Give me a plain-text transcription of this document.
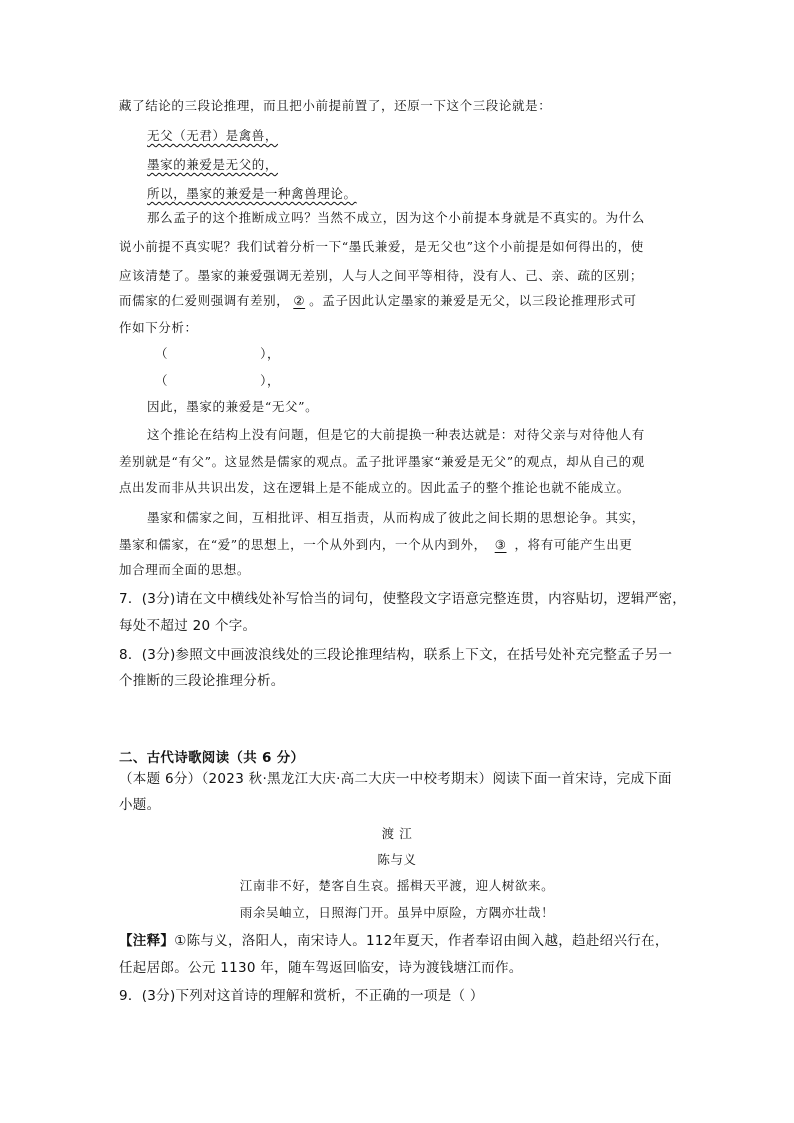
藏了结论的三段论推理，而且把小前提前置了，还原一下这个三段论就是：
无父（无君）是禽兽，
墨家的兼爱是无父的，
所以，墨家的兼爱是一种禽兽理论。
那么孟子的这个推断成立吗？当然不成立，因为这个小前提本身就是不真实的。为什么
说小前提不真实呢？我们试着分析一下“墨氏兼爱，是无父也”这个小前提是如何得出的，使
应该清楚了。墨家的兼爱强调无差别，人与人之间平等相待，没有人、己、亲、疏的区别；
而儒家的仁爱则强调有差别， ② 。孟子因此认定墨家的兼爱是无父，以三段论推理形式可
作如下分析：
（	），
（	），
因此，墨家的兼爱是“无父”。
这个推论在结构上没有问题，但是它的大前提换一种表达就是：对待父亲与对待他人有
差别就是“有父”。这显然是儒家的观点。孟子批评墨家“兼爱是无父”的观点，却从自己的观
点出发而非从共识出发，这在逻辑上是不能成立的。因此孟子的整个推论也就不能成立。
墨家和儒家之间，互相批评、相互指责，从而构成了彼此之间长期的思想论争。其实，
墨家和儒家，在“爱”的思想上，一个从外到内，一个从内到外， ③ ，将有可能产生出更
加合理而全面的思想。
7．(3分)请在文中横线处补写恰当的词句，使整段文字语意完整连贯，内容贴切，逻辑严密，
每处不超过 20 个字。
8．(3分)参照文中画波浪线处的三段论推理结构，联系上下文，在括号处补充完整孟子另一
个推断的三段论推理分析。
二、古代诗歌阅读（共 6 分）
（本题 6分）（2023 秋·黑龙江大庆·高二大庆一中校考期末）阅读下面一首宋诗，完成下面
小题。
渡 江
陈与义
江南非不好，楚客自生哀。摇楫天平渡，迎人树欲来。
雨余吴岫立，日照海门开。虽异中原险，方隅亦壮哉！
【注释】①陈与义，洛阳人，南宋诗人。112年夏天，作者奉诏由闽入越，趋赴绍兴行在，
任起居郎。公元 1130 年，随车驾返回临安，诗为渡钱塘江而作。
9．(3分)下列对这首诗的理解和赏析，不正确的一项是（ ）
